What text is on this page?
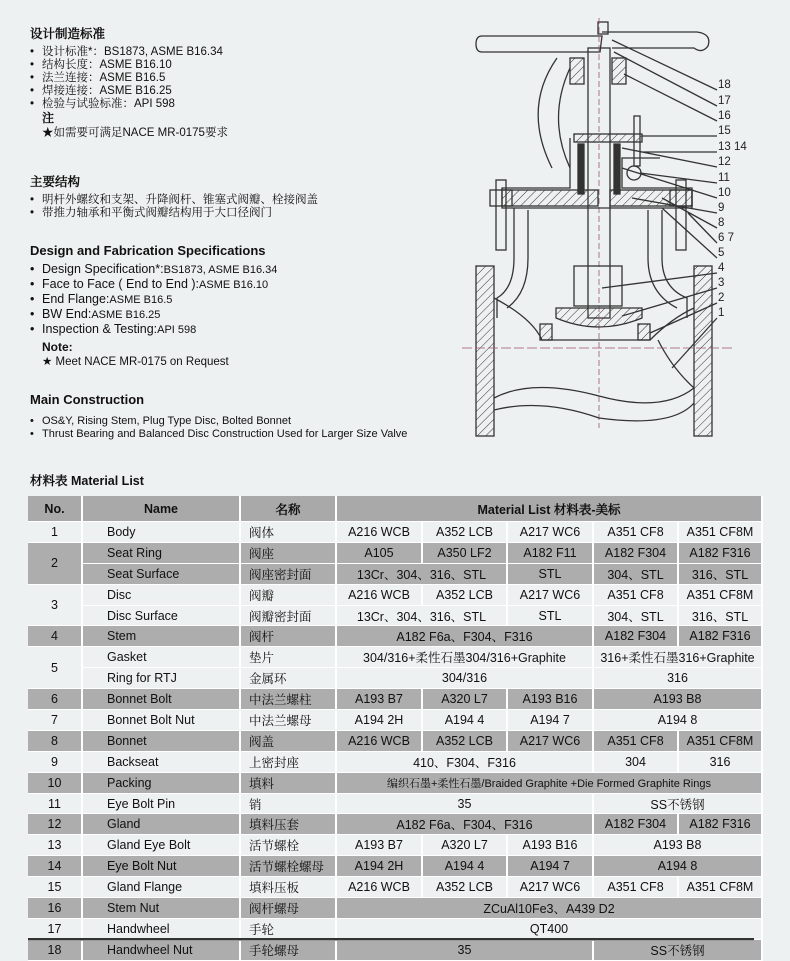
设计制造标准
• 设计标准*：BS1873, ASME B16.34
• 结构长度：ASME B16.10
• 法兰连接：ASME B16.5
• 焊接连接：ASME B16.25
• 检验与试验标准：API 598
注
★如需要可满足NACE MR-0175要求
主要结构
• 明杆外螺纹和支架、升降阀杆、锥塞式阀瓣、栓接阀盖
• 带推力轴承和平衡式阀瓣结构用于大口径阀门
Design and Fabrication Specifications
• Design Specification*:BS1873, ASME B16.34
• Face to Face ( End to End ):ASME B16.10
• End Flange:ASME B16.5
• BW End:ASME B16.25
• Inspection & Testing:API 598
Note:
★ Meet NACE MR-0175 on Request
Main Construction
• OS&Y, Rising Stem, Plug Type Disc, Bolted Bonnet
• Thrust Bearing and Balanced Disc Construction Used for Larger Size Valve
18
17
16
15
13 14
12
11
10
9
8
6 7
5
4
3
2
1
材料表 Material List
No.	Name	名称	Material List 材料表-美标				
1	Body	阀体	A216 WCB	A352 LCB	A217 WC6	A351 CF8	A351 CF8M
2	Seat Ring	阀座	A105	A350 LF2	A182 F11	A182 F304	A182 F316
	Seat Surface	阀座密封面	13Cr、304、316、STL		STL	304、STL	316、STL
3	Disc	阀瓣	A216 WCB	A352 LCB	A217 WC6	A351 CF8	A351 CF8M
	Disc Surface	阀瓣密封面	13Cr、304、316、STL		STL	304、STL	316、STL
4	Stem	阀杆	A182 F6a、F304、F316			A182 F304	A182 F316
5	Gasket	垫片	304/316+柔性石墨304/316+Graphite			316+柔性石墨316+Graphite	
	Ring for RTJ	金属环	304/316			316	
6	Bonnet Bolt	中法兰螺柱	A193 B7	A320 L7	A193 B16	A193 B8	
7	Bonnet Bolt Nut	中法兰螺母	A194 2H	A194 4	A194 7	A194 8	
8	Bonnet	阀盖	A216 WCB	A352 LCB	A217 WC6	A351 CF8	A351 CF8M
9	Backseat	上密封座	410、F304、F316			304	316
10	Packing	填料	编织石墨+柔性石墨/Braided Graphite +Die Formed Graphite Rings				
11	Eye Bolt Pin	销	35			SS不锈钢	
12	Gland	填料压套	A182 F6a、F304、F316			A182 F304	A182 F316
13	Gland Eye Bolt	活节螺栓	A193 B7	A320 L7	A193 B16	A193 B8	
14	Eye Bolt Nut	活节螺栓螺母	A194 2H	A194 4	A194 7	A194 8	
15	Gland Flange	填料压板	A216 WCB	A352 LCB	A217 WC6	A351 CF8	A351 CF8M
16	Stem Nut	阀杆螺母	ZCuAl10Fe3、A439 D2				
17	Handwheel	手轮	QT400				
18	Handwheel Nut	手轮螺母	35			SS不锈钢	
